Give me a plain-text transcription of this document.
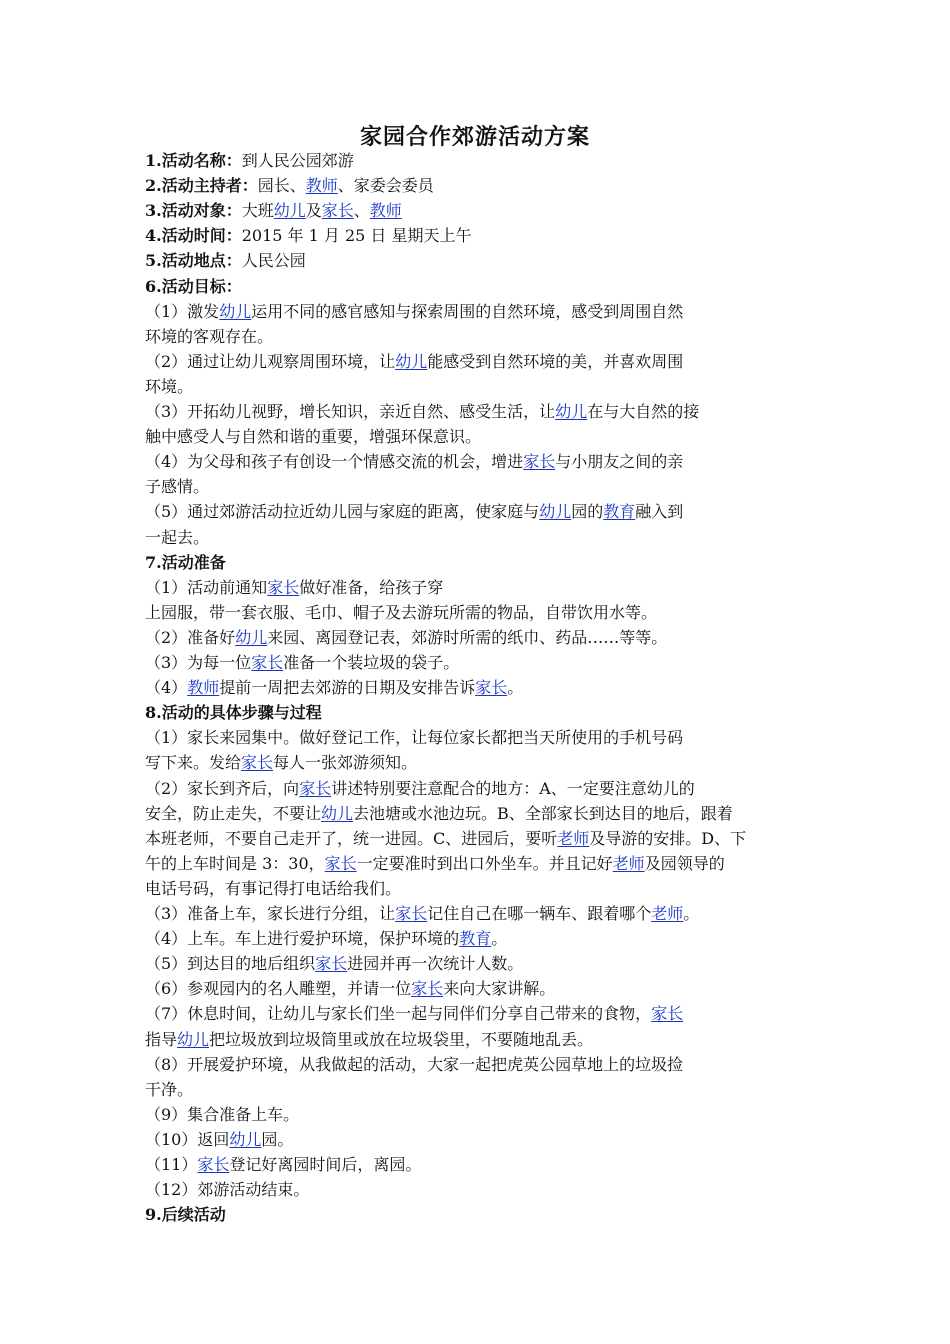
家园合作郊游活动方案
1.活动名称：到人民公园郊游
2.活动主持者：园长、教师、家委会委员
3.活动对象：大班幼儿及家长、教师
4.活动时间：2015 年 1 月 25 日 星期天上午
5.活动地点：人民公园
6.活动目标：
（1）激发幼儿运用不同的感官感知与探索周围的自然环境，感受到周围自然
环境的客观存在。
（2）通过让幼儿观察周围环境，让幼儿能感受到自然环境的美，并喜欢周围
环境。
（3）开拓幼儿视野，增长知识，亲近自然、感受生活，让幼儿在与大自然的接
触中感受人与自然和谐的重要，增强环保意识。
（4）为父母和孩子有创设一个情感交流的机会，增进家长与小朋友之间的亲
子感情。
（5）通过郊游活动拉近幼儿园与家庭的距离，使家庭与幼儿园的教育融入到
一起去。
7.活动准备
（1）活动前通知家长做好准备，给孩子穿
上园服，带一套衣服、毛巾、帽子及去游玩所需的物品，自带饮用水等。
（2）准备好幼儿来园、离园登记表，郊游时所需的纸巾、药品……等等。
（3）为每一位家长准备一个装垃圾的袋子。
（4）教师提前一周把去郊游的日期及安排告诉家长。
8.活动的具体步骤与过程
（1）家长来园集中。做好登记工作，让每位家长都把当天所使用的手机号码
写下来。发给家长每人一张郊游须知。
（2）家长到齐后，向家长讲述特别要注意配合的地方：A、一定要注意幼儿的
安全，防止走失，不要让幼儿去池塘或水池边玩。B、全部家长到达目的地后，跟着
本班老师，不要自己走开了，统一进园。C、进园后，要听老师及导游的安排。D、下
午的上车时间是 3：30，家长一定要准时到出口外坐车。并且记好老师及园领导的
电话号码，有事记得打电话给我们。
（3）准备上车，家长进行分组，让家长记住自己在哪一辆车、跟着哪个老师。
（4）上车。车上进行爱护环境，保护环境的教育。
（5）到达目的地后组织家长进园并再一次统计人数。
（6）参观园内的名人雕塑，并请一位家长来向大家讲解。
（7）休息时间，让幼儿与家长们坐一起与同伴们分享自己带来的食物，家长
指导幼儿把垃圾放到垃圾筒里或放在垃圾袋里，不要随地乱丢。
（8）开展爱护环境，从我做起的活动，大家一起把虎英公园草地上的垃圾捡
干净。
（9）集合准备上车。
（10）返回幼儿园。
（11）家长登记好离园时间后，离园。
（12）郊游活动结束。
9.后续活动
